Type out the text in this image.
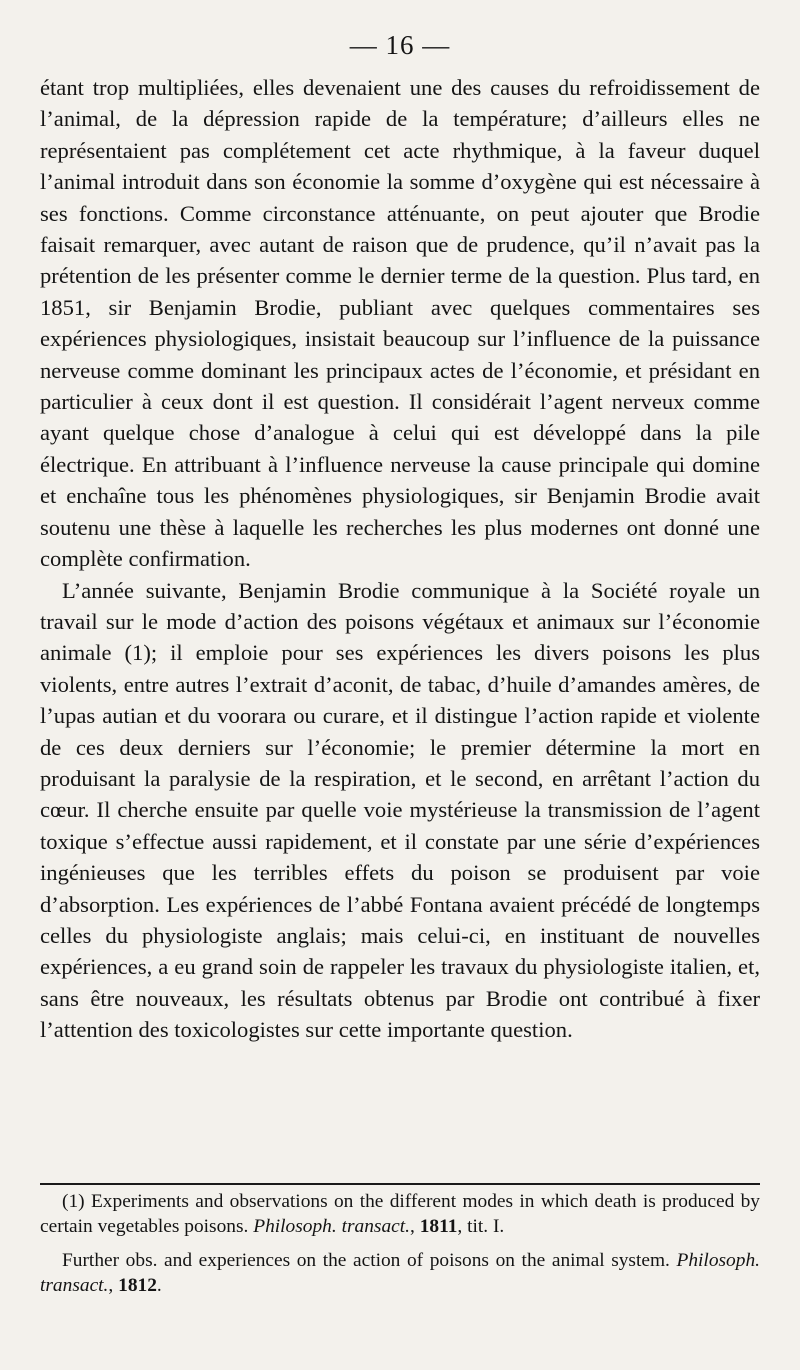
— 16 —

étant trop multipliées, elles devenaient une des causes du refroidissement de l’animal, de la dépression rapide de la température; d’ailleurs elles ne représentaient pas complétement cet acte rhythmique, à la faveur duquel l’animal introduit dans son économie la somme d’oxygène qui est nécessaire à ses fonctions. Comme circonstance atténuante, on peut ajouter que Brodie faisait remarquer, avec autant de raison que de prudence, qu’il n’avait pas la prétention de les présenter comme le dernier terme de la question. Plus tard, en 1851, sir Benjamin Brodie, publiant avec quelques commentaires ses expériences physiologiques, insistait beaucoup sur l’influence de la puissance nerveuse comme dominant les principaux actes de l’économie, et présidant en particulier à ceux dont il est question. Il considérait l’agent nerveux comme ayant quelque chose d’analogue à celui qui est développé dans la pile électrique. En attribuant à l’influence nerveuse la cause principale qui domine et enchaîne tous les phénomènes physiologiques, sir Benjamin Brodie avait soutenu une thèse à laquelle les recherches les plus modernes ont donné une complète confirmation.

L’année suivante, Benjamin Brodie communique à la Société royale un travail sur le mode d’action des poisons végétaux et animaux sur l’économie animale (1); il emploie pour ses expériences les divers poisons les plus violents, entre autres l’extrait d’aconit, de tabac, d’huile d’amandes amères, de l’upas autian et du voorara ou curare, et il distingue l’action rapide et violente de ces deux derniers sur l’économie; le premier détermine la mort en produisant la paralysie de la respiration, et le second, en arrêtant l’action du cœur. Il cherche ensuite par quelle voie mystérieuse la transmission de l’agent toxique s’effectue aussi rapidement, et il constate par une série d’expériences ingénieuses que les terribles effets du poison se produisent par voie d’absorption. Les expériences de l’abbé Fontana avaient précédé de longtemps celles du physiologiste anglais; mais celui-ci, en instituant de nouvelles expériences, a eu grand soin de rappeler les travaux du physiologiste italien, et, sans être nouveaux, les résultats obtenus par Brodie ont contribué à fixer l’attention des toxicologistes sur cette importante question.

(1) Experiments and observations on the different modes in which death is produced by certain vegetables poisons. Philosoph. transact., 1811, tit. I.

Further obs. and experiences on the action of poisons on the animal system. Philosoph. transact., 1812.
